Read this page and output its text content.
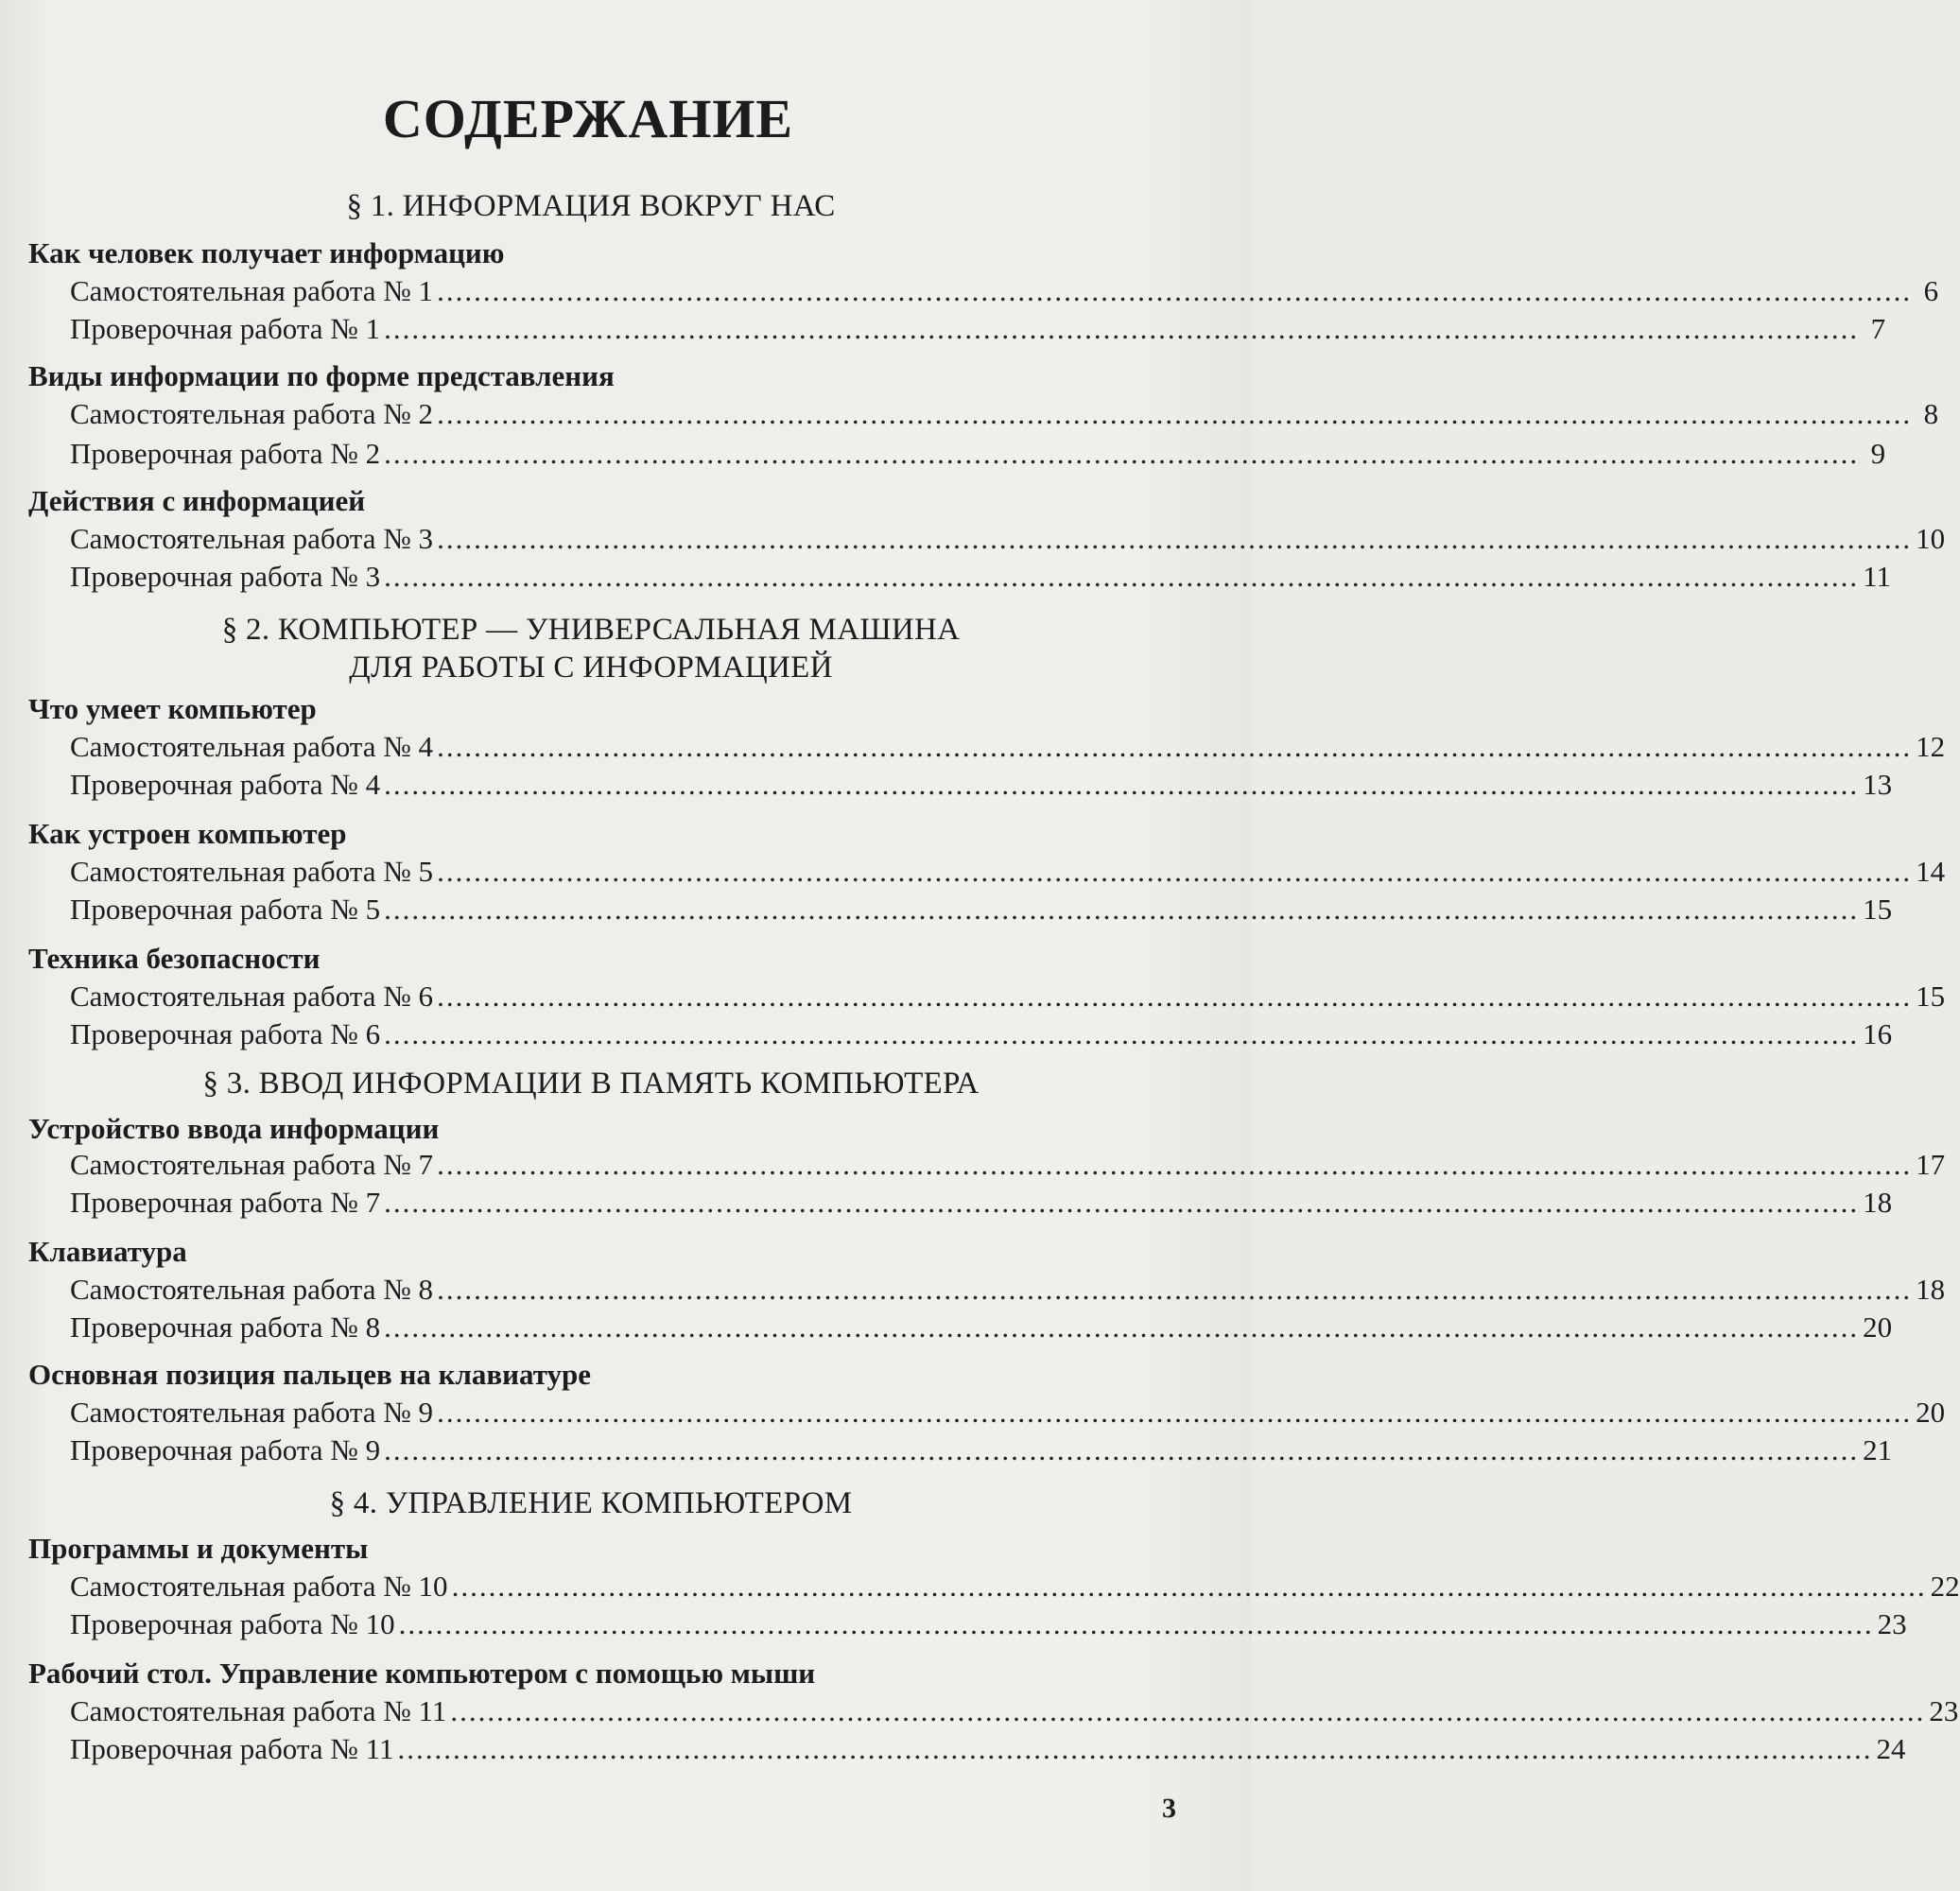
СОДЕРЖАНИЕ
§ 1. ИНФОРМАЦИЯ ВОКРУГ НАС
Как человек получает информацию
Самостоятельная работа № 1 ................................................................................................................................................................ 6
Проверочная работа № 1 ................................................................................................................................................................ 7
Виды информации по форме представления
Самостоятельная работа № 2 ................................................................................................................................................................ 8
Проверочная работа № 2 ................................................................................................................................................................ 9
Действия с информацией
Самостоятельная работа № 3 ................................................................................................................................................................ 10
Проверочная работа № 3 ................................................................................................................................................................ 11
§ 2. КОМПЬЮТЕР — УНИВЕРСАЛЬНАЯ МАШИНА
ДЛЯ РАБОТЫ С ИНФОРМАЦИЕЙ
Что умеет компьютер
Самостоятельная работа № 4 ................................................................................................................................................................ 12
Проверочная работа № 4 ................................................................................................................................................................ 13
Как устроен компьютер
Самостоятельная работа № 5 ................................................................................................................................................................ 14
Проверочная работа № 5 ................................................................................................................................................................ 15
Техника безопасности
Самостоятельная работа № 6 ................................................................................................................................................................ 15
Проверочная работа № 6 ................................................................................................................................................................ 16
§ 3. ВВОД ИНФОРМАЦИИ В ПАМЯТЬ КОМПЬЮТЕРА
Устройство ввода информации
Самостоятельная работа № 7 ................................................................................................................................................................ 17
Проверочная работа № 7 ................................................................................................................................................................ 18
Клавиатура
Самостоятельная работа № 8 ................................................................................................................................................................ 18
Проверочная работа № 8 ................................................................................................................................................................ 20
Основная позиция пальцев на клавиатуре
Самостоятельная работа № 9 ................................................................................................................................................................ 20
Проверочная работа № 9 ................................................................................................................................................................ 21
§ 4. УПРАВЛЕНИЕ КОМПЬЮТЕРОМ
Программы и документы
Самостоятельная работа № 10 ................................................................................................................................................................ 22
Проверочная работа № 10 ................................................................................................................................................................ 23
Рабочий стол. Управление компьютером с помощью мыши
Самостоятельная работа № 11 ................................................................................................................................................................ 23
Проверочная работа № 11 ................................................................................................................................................................ 24
3
